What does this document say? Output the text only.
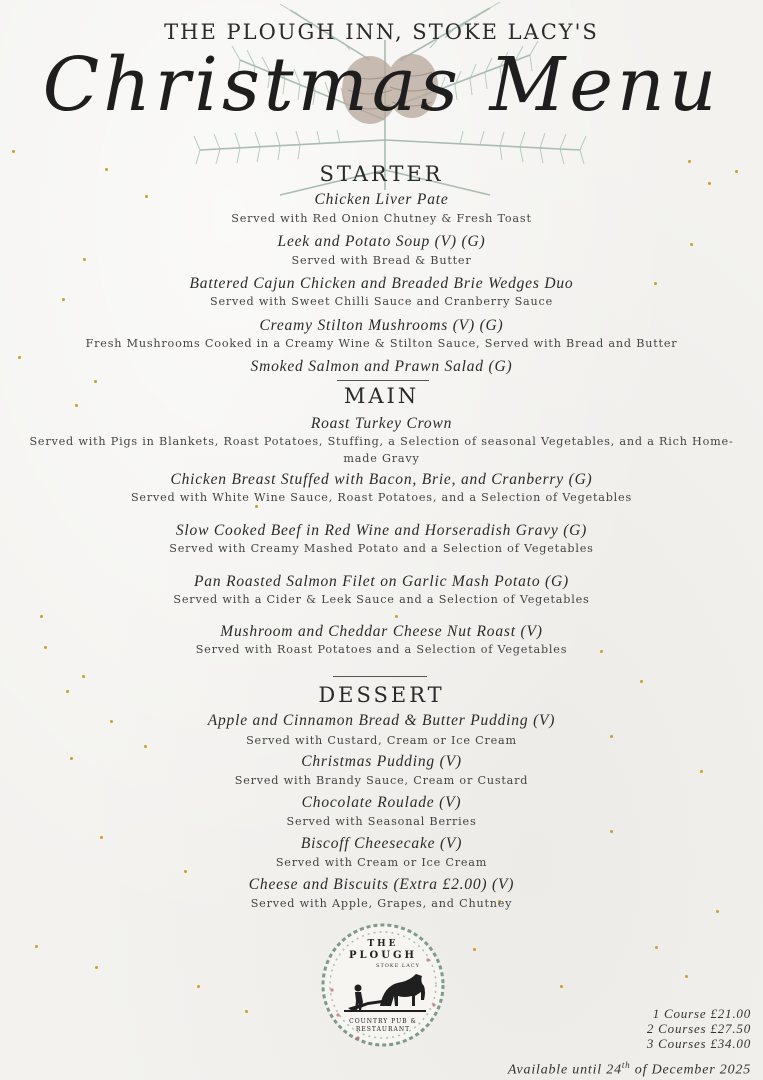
THE PLOUGH INN, STOKE LACY'S
Christmas Menu
STARTER
Chicken Liver Pate
Served with Red Onion Chutney & Fresh Toast
Leek and Potato Soup (V) (G)
Served with Bread & Butter
Battered Cajun Chicken and Breaded Brie Wedges Duo
Served with Sweet Chilli Sauce and Cranberry Sauce
Creamy Stilton Mushrooms (V) (G)
Fresh Mushrooms Cooked in a Creamy Wine & Stilton Sauce, Served with Bread and Butter
Smoked Salmon and Prawn Salad (G)
MAIN
Roast Turkey Crown
Served with Pigs in Blankets, Roast Potatoes, Stuffing, a Selection of seasonal Vegetables, and a Rich Home-made Gravy
Chicken Breast Stuffed with Bacon, Brie, and Cranberry (G)
Served with White Wine Sauce, Roast Potatoes, and a Selection of Vegetables
Slow Cooked Beef in Red Wine and Horseradish Gravy (G)
Served with Creamy Mashed Potato and a Selection of Vegetables
Pan Roasted Salmon Filet on Garlic Mash Potato (G)
Served with a Cider & Leek Sauce and a Selection of Vegetables
Mushroom and Cheddar Cheese Nut Roast (V)
Served with Roast Potatoes and a Selection of Vegetables
DESSERT
Apple and Cinnamon Bread & Butter Pudding (V)
Served with Custard, Cream or Ice Cream
Christmas Pudding (V)
Served with Brandy Sauce, Cream or Custard
Chocolate Roulade (V)
Served with Seasonal Berries
Biscoff Cheesecake (V)
Served with Cream or Ice Cream
Cheese and Biscuits (Extra £2.00) (V)
Served with Apple, Grapes, and Chutney
THE
PLOUGH
STOKE LACY
COUNTRY PUB &
RESTAURANT
1 Course £21.00
2 Courses £27.50
3 Courses £34.00
Available until 24th of December 2025
